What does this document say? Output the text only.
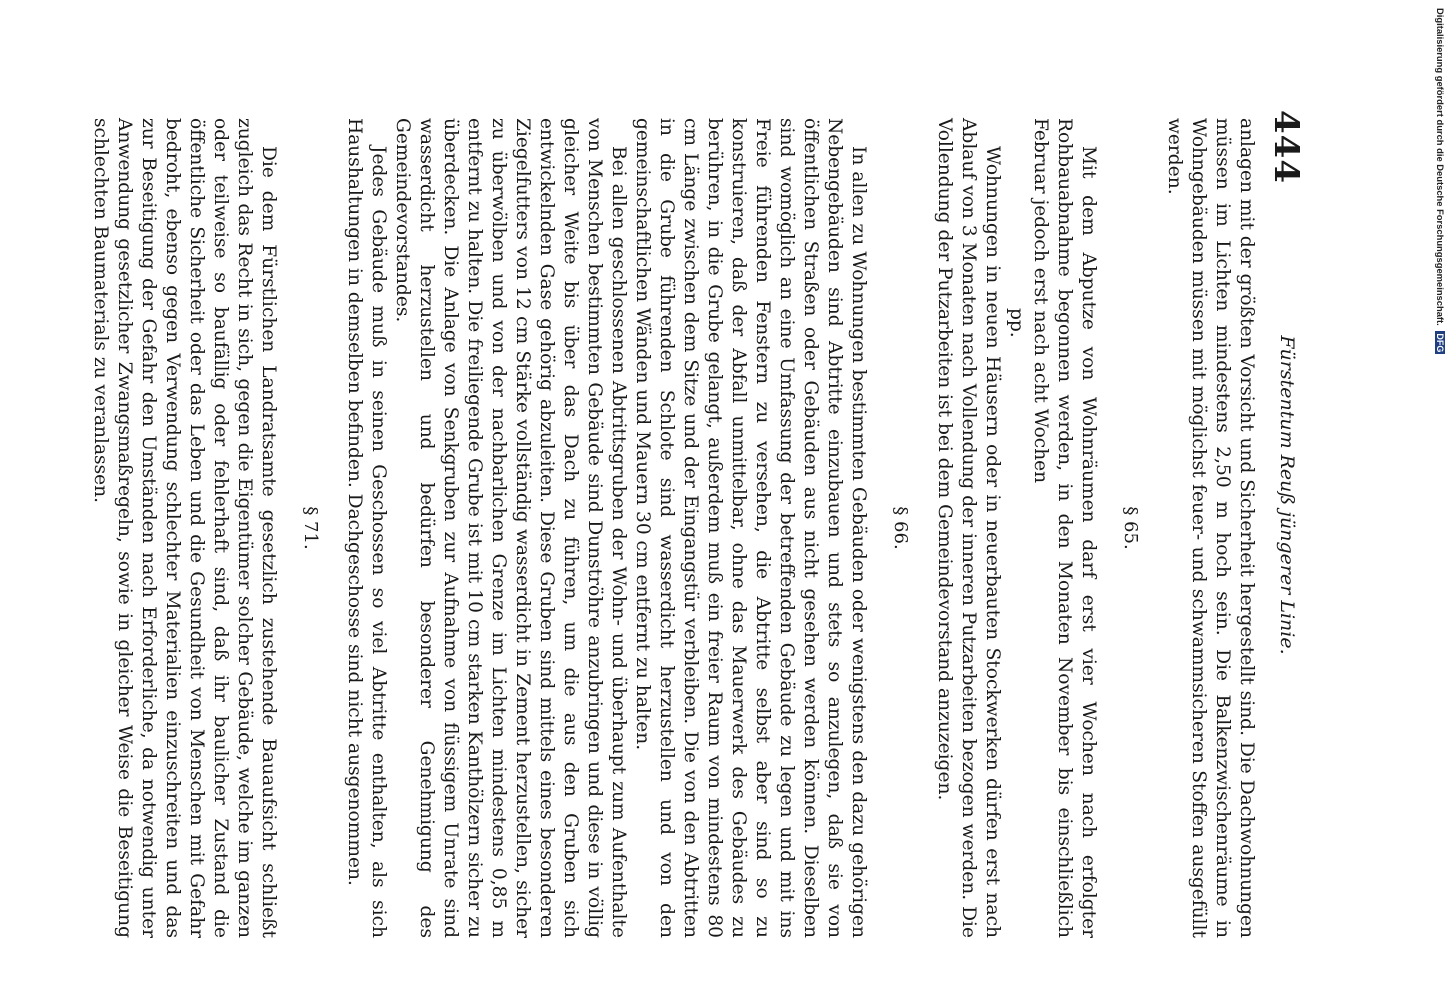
444
Fürstentum Reuß jüngerer Linie.

anlagen mit der größten Vorsicht und Sicherheit hergestellt sind. Die Dachwohnungen müssen im Lichten mindestens 2,50 m hoch sein. Die Balkenzwischenräume in Wohngebäuden müssen mit möglichst feuer- und schwammsicheren Stoffen ausgefüllt werden.

§ 65.

Mit dem Abputze von Wohnräumen darf erst vier Wochen nach erfolgter Rohbauabnahme begonnen werden, in den Monaten November bis einschließlich Februar jedoch erst nach acht Wochen

pp.

Wohnungen in neuen Häusern oder in neuerbauten Stockwerken dürfen erst nach Ablauf von 3 Monaten nach Vollendung der inneren Putzarbeiten bezogen werden. Die Vollendung der Putzarbeiten ist bei dem Gemeindevorstand anzuzeigen.

§ 66.

In allen zu Wohnungen bestimmten Gebäuden oder wenigstens den dazu gehörigen Nebengebäuden sind Abtritte einzubauen und stets so anzulegen, daß sie von öffentlichen Straßen oder Gebäuden aus nicht gesehen werden können. Dieselben sind womöglich an eine Umfassung der betreffenden Gebäude zu legen und mit ins Freie führenden Fenstern zu versehen, die Abtritte selbst aber sind so zu konstruieren, daß der Abfall unmittelbar, ohne das Mauerwerk des Gebäudes zu berühren, in die Grube gelangt, außerdem muß ein freier Raum von mindestens 80 cm Länge zwischen dem Sitze und der Eingangstür verbleiben. Die von den Abtritten in die Grube führenden Schlote sind wasserdicht herzustellen und von den gemeinschaftlichen Wänden und Mauern 30 cm entfernt zu halten.

Bei allen geschlossenen Abtrittsgruben der Wohn- und überhaupt zum Aufenthalte von Menschen bestimmten Gebäude sind Dunströhre anzubringen und diese in völlig gleicher Weite bis über das Dach zu führen, um die aus den Gruben sich entwickelnden Gase gehörig abzuleiten. Diese Gruben sind mittels eines besonderen Ziegelfutters von 12 cm Stärke vollständig wasserdicht in Zement herzustellen, sicher zu überwölben und von der nachbarlichen Grenze im Lichten mindestens 0,85 m entfernt zu halten. Die freiliegende Grube ist mit 10 cm starken Kanthölzern sicher zu überdecken. Die Anlage von Senkgruben zur Aufnahme von flüssigem Unrate sind wasserdicht herzustellen und bedürfen besonderer Genehmigung des Gemeindevorstandes.

Jedes Gebäude muß in seinen Geschossen so viel Abtritte enthalten, als sich Haushaltungen in demselben befinden. Dachgeschosse sind nicht ausgenommen.

§ 71.

Die dem Fürstlichen Landratsamte gesetzlich zustehende Bauaufsicht schließt zugleich das Recht in sich, gegen die Eigentümer solcher Gebäude, welche im ganzen oder teilweise so baufällig oder fehlerhaft sind, daß ihr baulicher Zustand die öffentliche Sicherheit oder das Leben und die Gesundheit von Menschen mit Gefahr bedroht, ebenso gegen Verwendung schlechter Materialien einzuschreiten und das zur Beseitigung der Gefahr den Umständen nach Erforderliche, da notwendig unter Anwendung gesetzlicher Zwangsmaßregeln, sowie in gleicher Weise die Beseitigung schlechten Baumaterials zu veranlassen.	Digitalisierung gefördert durch die Deutsche Forschungsgemeinschaft. DFG
